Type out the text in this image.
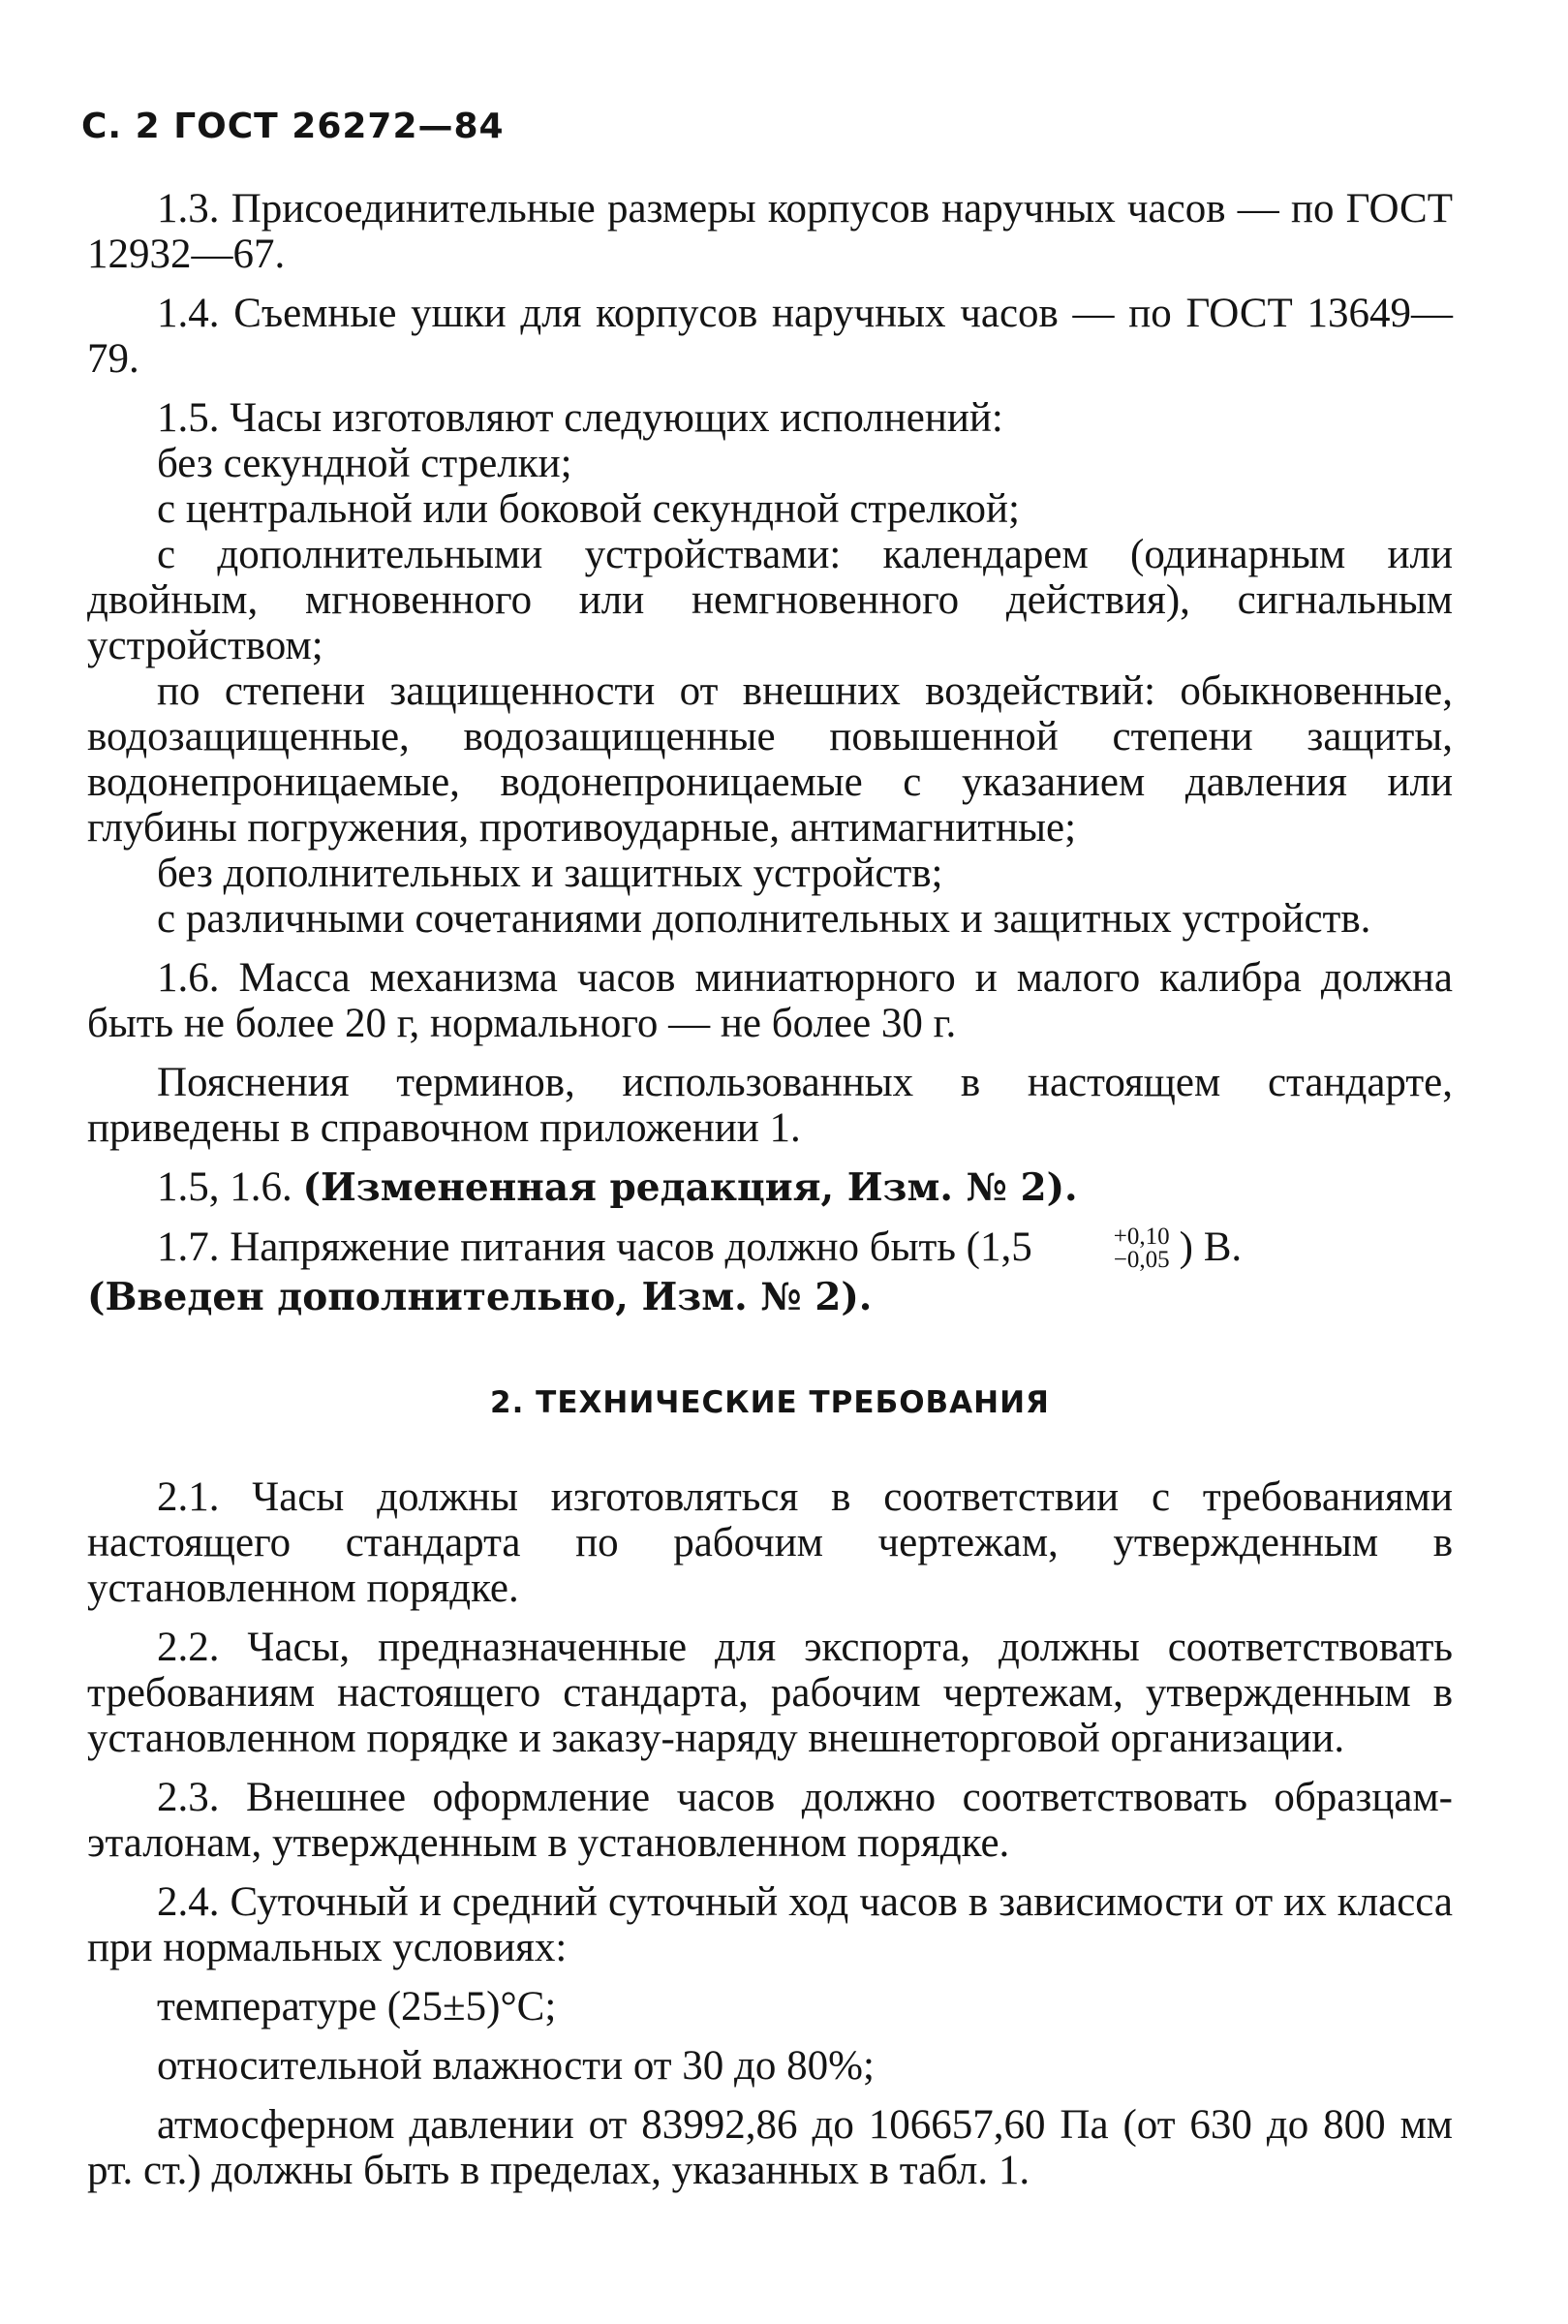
С. 2 ГОСТ 26272—84

1.3. Присоединительные размеры корпусов наручных часов — по ГОСТ 12932—67.

1.4. Съемные ушки для корпусов наручных часов — по ГОСТ 13649—79.

1.5. Часы изготовляют следующих исполнений:

без секундной стрелки;

с центральной или боковой секундной стрелкой;

с дополнительными устройствами: календарем (одинарным или двойным, мгновенного или немгновенного действия), сигнальным устройством;

по степени защищенности от внешних воздействий: обыкновенные, водозащищенные, водозащищенные повышенной степени защиты, водонепроницаемые, водонепроницаемые с указанием давления или глубины погружения, противоударные, антимагнитные;

без дополнительных и защитных устройств;

с различными сочетаниями дополнительных и защитных устройств.

1.6. Масса механизма часов миниатюрного и малого калибра должна быть не более 20 г, нормального — не более 30 г.

Пояснения терминов, использованных в настоящем стандарте, приведены в справочном приложении 1.

1.5, 1.6. (Измененная редакция, Изм. № 2).

1.7. Напряжение питания часов должно быть (1,5	+0,10
−0,05 ) В.

(Введен дополнительно, Изм. № 2).

2. ТЕХНИЧЕСКИЕ ТРЕБОВАНИЯ

2.1. Часы должны изготовляться в соответствии с требованиями настоящего стандарта по рабочим чертежам, утвержденным в установленном порядке.

2.2. Часы, предназначенные для экспорта, должны соответствовать требованиям настоящего стандарта, рабочим чертежам, утвержденным в установленном порядке и заказу-наряду внешнеторговой организации.

2.3. Внешнее оформление часов должно соответствовать образцам-эталонам, утвержденным в установленном порядке.

2.4. Суточный и средний суточный ход часов в зависимости от их класса при нормальных условиях:

температуре (25±5)°С;

относительной влажности от 30 до 80%;

атмосферном давлении от 83992,86 до 106657,60 Па (от 630 до 800 мм рт. ст.) должны быть в пределах, указанных в табл. 1.
